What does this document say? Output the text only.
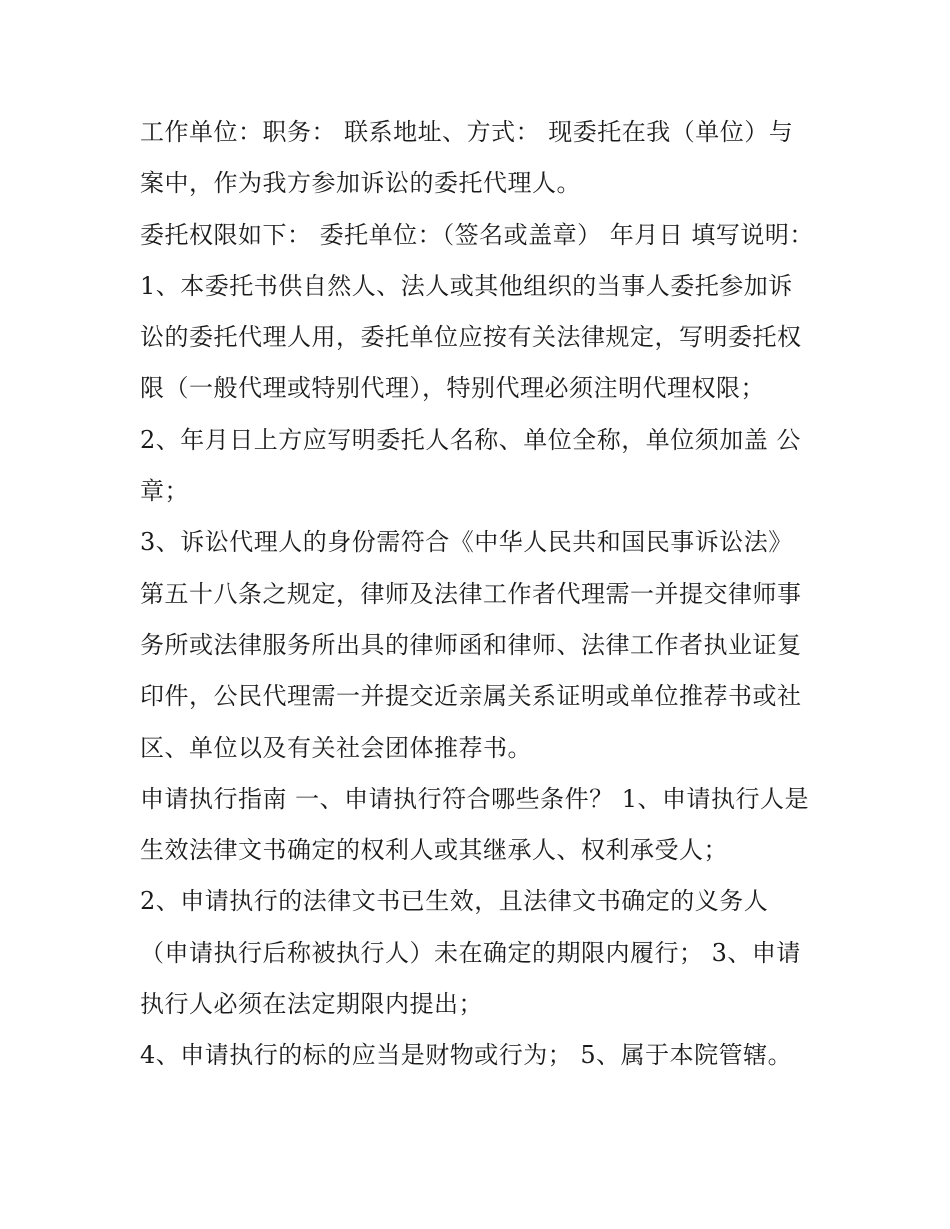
工作单位：职务： 联系地址、方式： 现委托在我（单位）与案中，作为我方参加诉讼的委托代理人。

委托权限如下： 委托单位：（签名或盖章） 年月日 填写说明：

1、本委托书供自然人、法人或其他组织的当事人委托参加诉讼的委托代理人用，委托单位应按有关法律规定，写明委托权限（一般代理或特别代理），特别代理必须注明代理权限；

2、年月日上方应写明委托人名称、单位全称，单位须加盖 公章；

3、诉讼代理人的身份需符合《中华人民共和国民事诉讼法》第五十八条之规定，律师及法律工作者代理需一并提交律师事务所或法律服务所出具的律师函和律师、法律工作者执业证复印件，公民代理需一并提交近亲属关系证明或单位推荐书或社区、单位以及有关社会团体推荐书。

申请执行指南 一、申请执行符合哪些条件？ 1、申请执行人是生效法律文书确定的权利人或其继承人、权利承受人；

2、申请执行的法律文书已生效，且法律文书确定的义务人（申请执行后称被执行人）未在确定的期限内履行； 3、申请执行人必须在法定期限内提出；

4、申请执行的标的应当是财物或行为； 5、属于本院管辖。
